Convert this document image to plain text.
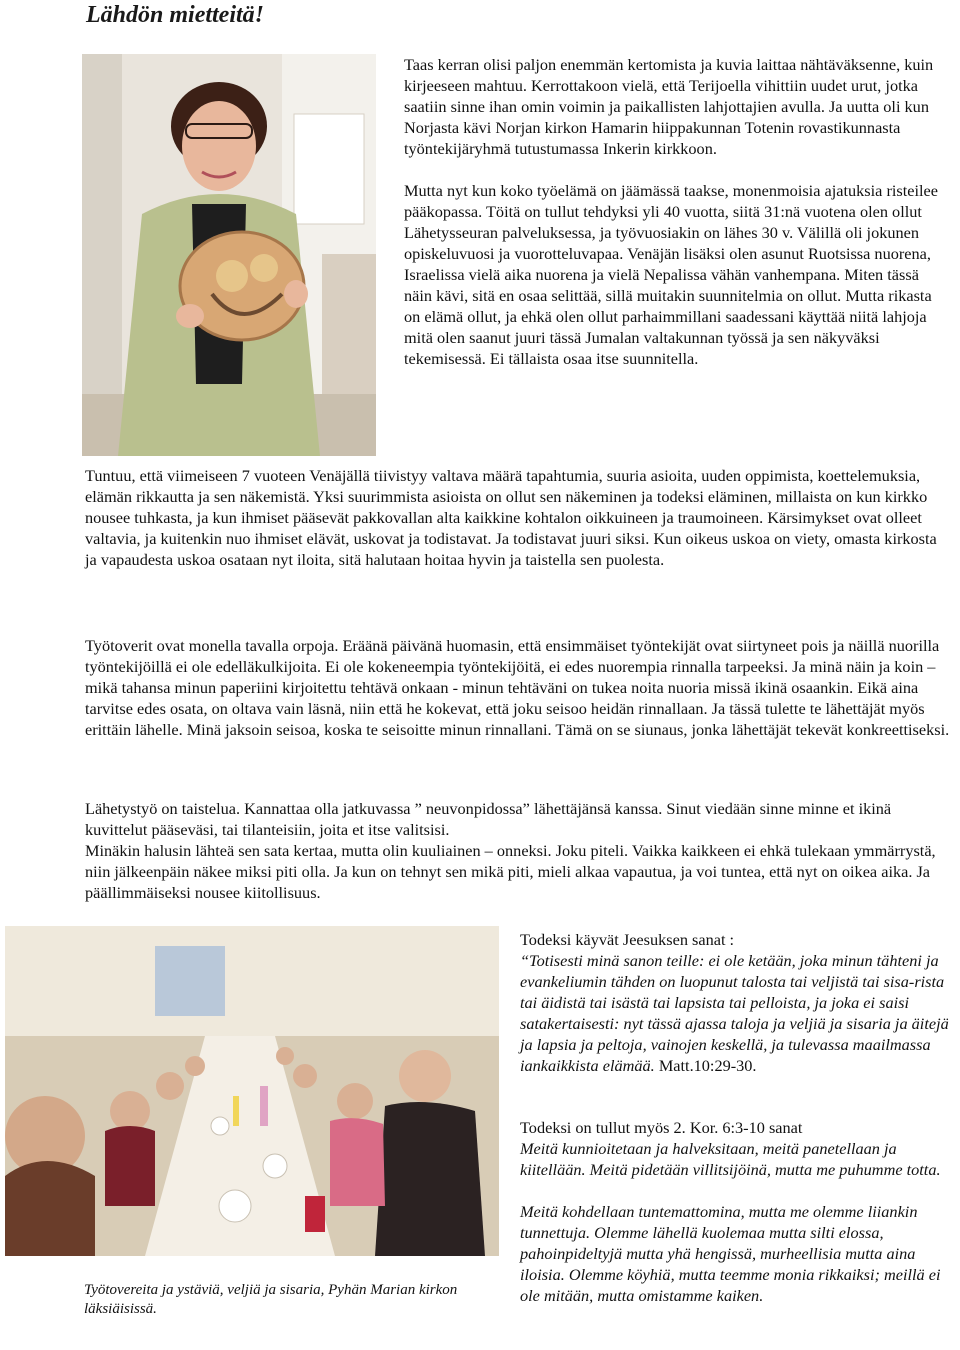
Lähdön mietteitä!

Taas kerran olisi paljon enemmän kertomista ja kuvia laittaa nähtäväksenne, kuin kirjeeseen mahtuu. Kerrottakoon vielä, että Terijoella vihittiin uudet urut, jotka saatiin sinne ihan omin voimin ja paikallisten lahjottajien avulla. Ja uutta oli kun Norjasta kävi Norjan kirkon Hamarin hiippakunnan Totenin rovastikunnasta työntekijäryhmä tutustumassa Inkerin kirkkoon.

Mutta nyt kun koko työelämä on jäämässä taakse, monenmoisia ajatuksia risteilee pääkopassa. Töitä on tullut tehdyksi yli 40 vuotta, siitä 31:nä vuotena olen ollut Lähetysseuran palveluksessa, ja työvuosiakin on lähes 30 v. Välillä oli jokunen opiskeluvuosi ja vuorotteluvapaa. Venäjän lisäksi olen asunut Ruotsissa nuorena, Israelissa vielä aika nuorena ja vielä Nepalissa vähän vanhempana. Miten tässä näin kävi, sitä en osaa selittää, sillä muitakin suunnitelmia on ollut. Mutta rikasta on elämä ollut, ja ehkä olen ollut parhaimmillani saadessani käyttää niitä lahjoja mitä olen saanut juuri tässä Jumalan valtakunnan työssä ja sen näkyväksi tekemisessä. Ei tällaista osaa itse suunnitella.

Tuntuu, että viimeiseen 7 vuoteen Venäjällä tiivistyy valtava määrä tapahtumia, suuria asioita, uuden oppimista, koettelemuksia, elämän rikkautta ja sen näkemistä. Yksi suurimmista asioista on ollut sen näkeminen ja todeksi eläminen, millaista on kun kirkko nousee tuhkasta, ja kun ihmiset pääsevät pakkovallan alta kaikkine kohtalon oikkuineen ja traumoineen. Kärsimykset ovat olleet valtavia, ja kuitenkin nuo ihmiset elävät, uskovat ja todistavat. Ja todistavat juuri siksi. Kun oikeus uskoa on viety, omasta kirkosta ja vapaudesta uskoa osataan nyt iloita, sitä halutaan hoitaa hyvin ja taistella sen puolesta.

Työtoverit ovat monella tavalla orpoja. Eräänä päivänä huomasin, että ensimmäiset työntekijät ovat siirtyneet pois ja näillä nuorilla työntekijöillä ei ole edelläkulkijoita. Ei ole kokeneempia työntekijöitä, ei edes nuorempia rinnalla tarpeeksi. Ja minä näin ja koin – mikä tahansa minun paperiini kirjoitettu tehtävä onkaan - minun tehtäväni on tukea noita nuoria missä ikinä osaankin. Eikä aina tarvitse edes osata, on oltava vain läsnä, niin että he kokevat, että joku seisoo heidän rinnallaan. Ja tässä tulette te lähettäjät myös erittäin lähelle. Minä jaksoin seisoa, koska te seisoitte minun rinnallani. Tämä on se siunaus, jonka lähettäjät tekevät konkreettiseksi.

Lähetystyö on taistelua. Kannattaa olla jatkuvassa ” neuvonpidossa” lähettäjänsä kanssa. Sinut viedään sinne minne et ikinä kuvittelut pääseväsi, tai tilanteisiin, joita et itse valitsisi.

Minäkin halusin lähteä sen sata kertaa, mutta olin kuuliainen – onneksi. Joku piteli. Vaikka kaikkeen ei ehkä tulekaan ymmärrystä, niin jälkeenpäin näkee miksi piti olla. Ja kun on tehnyt sen mikä piti, mieli alkaa vapautua, ja voi tuntea, että nyt on oikea aika. Ja päällimmäiseksi nousee kiitollisuus.

Todeksi käyvät Jeesuksen sanat :

“Totisesti minä sanon teille: ei ole ketään, joka minun tähteni ja evankeliumin tähden on luopunut talosta tai veljistä tai sisa-rista tai äidistä tai isästä tai lapsista tai pelloista, ja joka ei saisi satakertaisesti: nyt tässä ajassa taloja ja veljiä ja sisaria ja äitejä ja lapsia ja peltoja, vainojen keskellä, ja tulevassa maailmassa iankaikkista elämää. Matt.10:29-30.

Todeksi on tullut myös 2. Kor. 6:3-10 sanat

Meitä kunnioitetaan ja halveksitaan, meitä panetellaan ja kiitellään. Meitä pidetään villitsijöinä, mutta me puhumme totta.

Meitä kohdellaan tuntemattomina, mutta me olemme liiankin tunnettuja. Olemme lähellä kuolemaa mutta silti elossa, pahoinpideltyjä mutta yhä hengissä, murheellisia mutta aina iloisia. Olemme köyhiä, mutta teemme monia rikkaiksi; meillä ei ole mitään, mutta omistamme kaiken.

Työtovereita ja ystäviä, veljiä ja sisaria, Pyhän Marian kirkon läksiäisissä.
